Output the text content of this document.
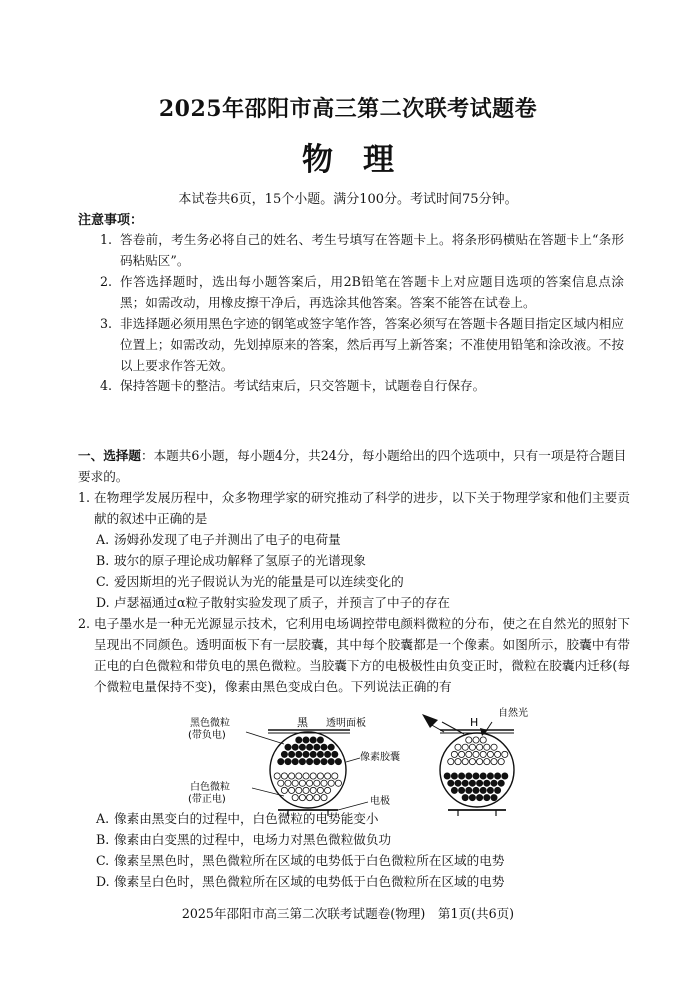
2025年邵阳市高三第二次联考试题卷
物理
本试卷共6页，15个小题。满分100分。考试时间75分钟。
注意事项：
1. 答卷前，考生务必将自己的姓名、考生号填写在答题卡上。将条形码横贴在答题卡上“条形码粘贴区”。
2. 作答选择题时，选出每小题答案后，用2B铅笔在答题卡上对应题目选项的答案信息点涂黑；如需改动，用橡皮擦干净后，再选涂其他答案。答案不能答在试卷上。
3. 非选择题必须用黑色字迹的钢笔或签字笔作答，答案必须写在答题卡各题目指定区域内相应位置上；如需改动，先划掉原来的答案，然后再写上新答案；不准使用铅笔和涂改液。不按以上要求作答无效。
4. 保持答题卡的整洁。考试结束后，只交答题卡，试题卷自行保存。
一、选择题：本题共6小题，每小题4分，共24分，每小题给出的四个选项中，只有一项是符合题目要求的。
1. 在物理学发展历程中，众多物理学家的研究推动了科学的进步，以下关于物理学家和他们主要贡献的叙述中正确的是
A. 汤姆孙发现了电子并测出了电子的电荷量
B. 玻尔的原子理论成功解释了氢原子的光谱现象
C. 爱因斯坦的光子假说认为光的能量是可以连续变化的
D. 卢瑟福通过α粒子散射实验发现了质子，并预言了中子的存在
2. 电子墨水是一种无光源显示技术，它利用电场调控带电颜料微粒的分布，使之在自然光的照射下呈现出不同颜色。透明面板下有一层胶囊，其中每个胶囊都是一个像素。如图所示，胶囊中有带正电的白色微粒和带负电的黑色微粒。当胶囊下方的电极极性由负变正时，微粒在胶囊内迁移(每个微粒电量保持不变)，像素由黑色变成白色。下列说法正确的有
黑色微粒
(带负电)
黑 透明面板
像素胶囊
白色微粒
(带正电)	电极
H
自然光
A. 像素由黑变白的过程中，白色微粒的电势能变小
B. 像素由白变黑的过程中，电场力对黑色微粒做负功
C. 像素呈黑色时，黑色微粒所在区域的电势低于白色微粒所在区域的电势
D. 像素呈白色时，黑色微粒所在区域的电势低于白色微粒所在区域的电势
2025年邵阳市高三第二次联考试题卷(物理)　第1页(共6页)
